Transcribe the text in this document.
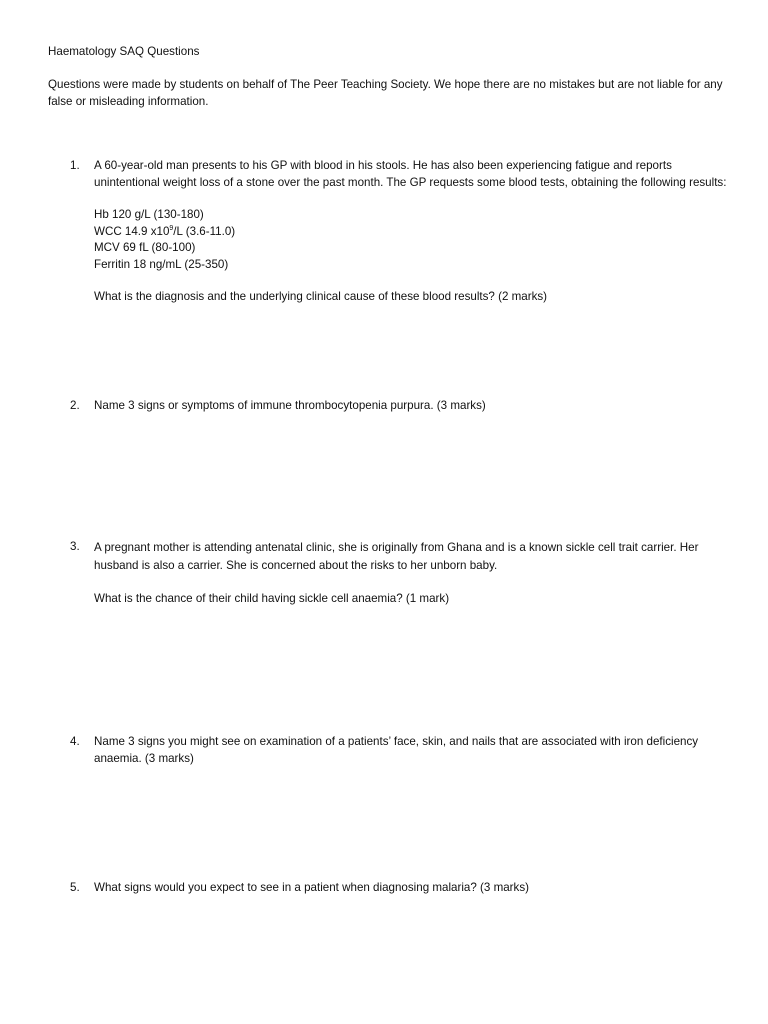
Haematology SAQ Questions

Questions were made by students on behalf of The Peer Teaching Society. We hope there are no mistakes but are not liable for any false or misleading information.

1. A 60-year-old man presents to his GP with blood in his stools. He has also been experiencing fatigue and reports unintentional weight loss of a stone over the past month. The GP requests some blood tests, obtaining the following results:

Hb 120 g/L (130-180)
WCC 14.9 $x10^9/L$ (3.6-11.0)
MCV 69 fL (80-100)
Ferritin 18 ng/mL (25-350)

What is the diagnosis and the underlying clinical cause of these blood results? (2 marks)

2. Name 3 signs or symptoms of immune thrombocytopenia purpura. (3 marks)

3. A pregnant mother is attending antenatal clinic, she is originally from Ghana and is a known sickle cell trait carrier. Her husband is also a carrier. She is concerned about the risks to her unborn baby.

What is the chance of their child having sickle cell anaemia? (1 mark)

4. Name 3 signs you might see on examination of a patients’ face, skin, and nails that are associated with iron deficiency anaemia. (3 marks)

5. What signs would you expect to see in a patient when diagnosing malaria? (3 marks)
